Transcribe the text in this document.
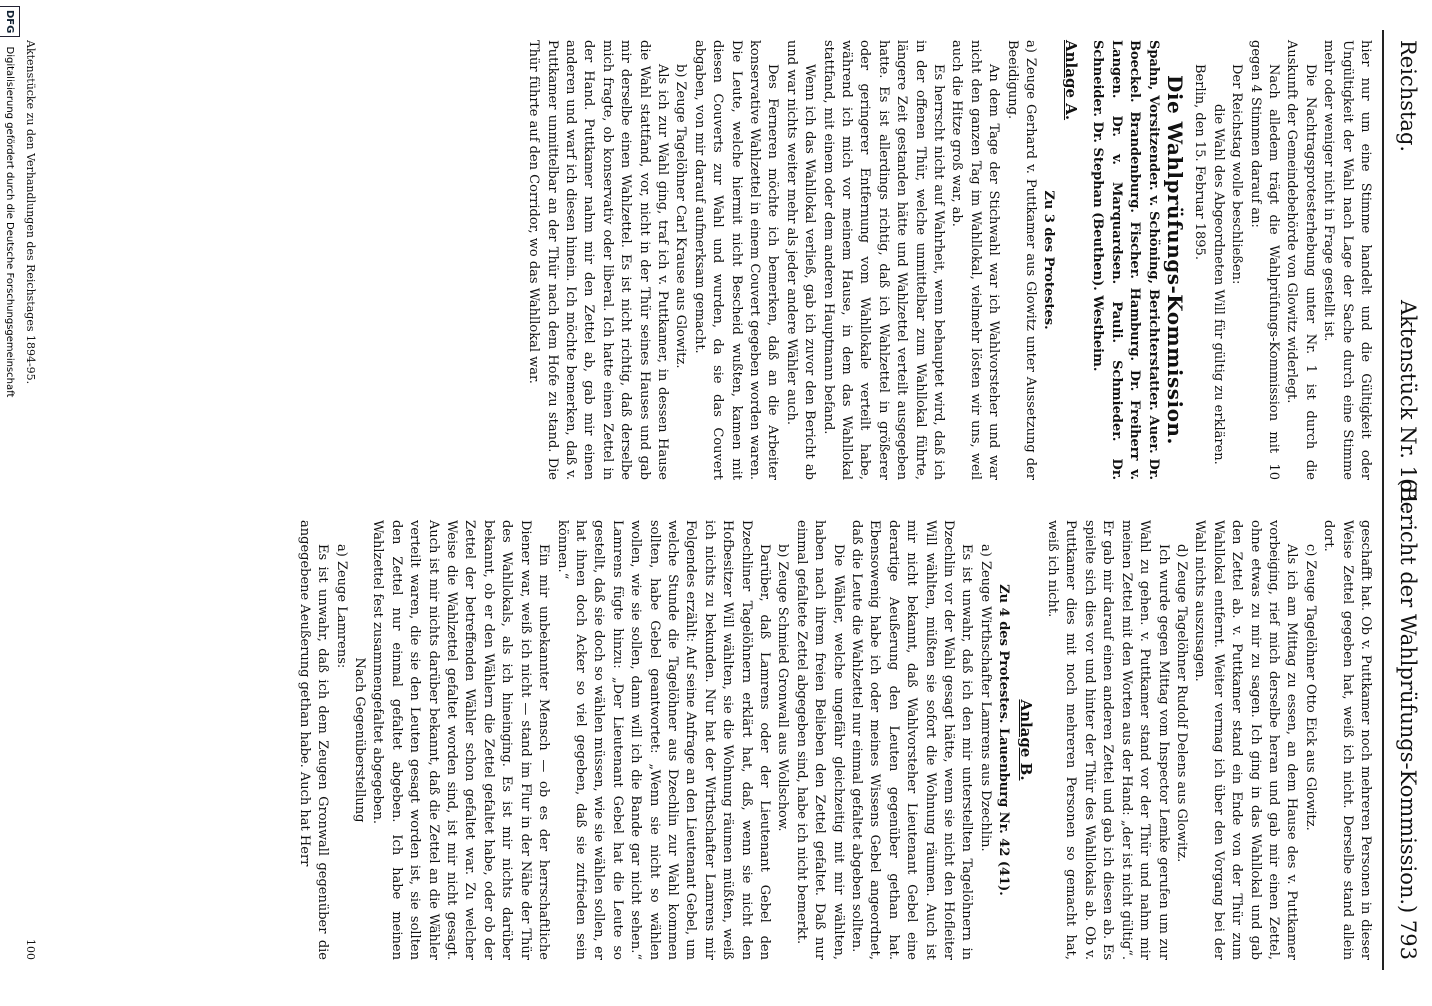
Reichstag.
Aktenstück Nr. 161.
(Bericht der Wahlprüfungs-Kommission.) 793

hier nur um eine Stimme handelt und die Gültigkeit oder Ungültigkeit der Wahl nach Lage der Sache durch eine Stimme mehr oder weniger nicht in Frage gestellt ist.

Die Nachtragsprotesterhebung unter Nr. 1 ist durch die Auskunft der Gemeindebehörde von Glowitz widerlegt.

Nach alledem trägt die Wahlprüfungs-Kommission mit 10 gegen 4 Stimmen darauf an:

Der Reichstag wolle beschließen:

die Wahl des Abgeordneten Will für gültig zu erklären.

Berlin, den 15. Februar 1895.

Die Wahlprüfungs-Kommission.

Spahn, Vorsitzender. v. Schöning, Berichterstatter. Auer. Dr. Boeckel. Brandenburg. Fischer. Hamburg. Dr. Freiherr v. Langen. Dr. v. Marquardsen. Pauli. Schmieder. Dr. Schneider. Dr. Stephan (Beuthen). Westheim.

Anlage A.

Zu 3 des Protestes.

a) Zeuge Gerhard v. Puttkamer aus Glowitz unter Aussetzung der Beeidigung.

An dem Tage der Stichwahl war ich Wahlvorsteher und war nicht den ganzen Tag im Wahllokal, vielmehr lösten wir uns, weil auch die Hitze groß war, ab.

Es herrscht nicht auf Wahrheit, wenn behauptet wird, daß ich in der offenen Thür, welche unmittelbar zum Wahllokal führte, längere Zeit gestanden hätte und Wahlzettel verteilt ausgegeben hatte. Es ist allerdings richtig, daß ich Wahlzettel in größerer oder geringerer Entfernung vom Wahllokale verteilt habe, während ich mich vor meinem Hause, in dem das Wahllokal stattfand, mit einem oder dem anderen Hauptmann befand.

Wenn ich das Wahllokal verließ, gab ich zuvor den Bericht ab und war nichts weiter mehr als jeder andere Wähler auch.

Des Ferneren möchte ich bemerken, daß an die Arbeiter konservative Wahlzettel in einem Couvert gegeben worden waren. Die Leute, welche hiermit nicht Bescheid wußten, kamen mit diesen Couverts zur Wahl und wurden, da sie das Couvert abgaben, von mir darauf aufmerksam gemacht.

b) Zeuge Tagelöhner Carl Krause aus Glowitz.

Als ich zur Wahl ging, traf ich v. Puttkamer, in dessen Hause die Wahl stattfand, vor, nicht in der Thür seines Hauses und gab mir derselbe einen Wahlzettel. Es ist nicht richtig, daß derselbe mich fragte, ob konservativ oder liberal. Ich hatte einen Zettel in der Hand. Puttkamer nahm mir den Zettel ab, gab mir einen anderen und warf ich diesen hinein. Ich möchte bemerken, daß v. Puttkamer unmittelbar an der Thür nach dem Hofe zu stand. Die Thür führte auf den Corridor, wo das Wahllokal war.

geschafft hat. Ob v. Puttkamer noch mehreren Personen in dieser Weise Zettel gegeben hat, weiß ich nicht. Derselbe stand allein dort.

c) Zeuge Tagelöhner Otto Eick aus Glowitz.

Als ich am Mittag zu essen, an dem Hause des v. Puttkamer vorbeiging, rief mich derselbe heran und gab mir einen Zettel, ohne etwas zu mir zu sagen. Ich ging in das Wahllokal und gab den Zettel ab. v. Puttkamer stand ein Ende von der Thür zum Wahllokal entfernt. Weiter vermag ich über den Vorgang bei der Wahl nichts auszusagen.

d) Zeuge Tagelöhner Rudolf Delens aus Glowitz.

Ich wurde gegen Mittag vom Inspector Lemke gerufen um zur Wahl zu gehen. v. Puttkamer stand vor der Thür und nahm mir meinen Zettel mit den Worten aus der Hand: „der ist nicht gültig“. Er gab mir darauf einen anderen Zettel und gab ich diesen ab. Es spielte sich dies vor und hinter der Thür des Wahllokals ab. Ob v. Puttkamer dies mit noch mehreren Personen so gemacht hat, weiß ich nicht.

Anlage B.

Zu 4 des Protestes. Lauenburg Nr. 42 (41).

a) Zeuge Wirthschafter Lamrens aus Dzechlin.

Es ist unwahr, daß ich den mir unterstellten Tagelöhnern in Dzechlin vor der Wahl gesagt hätte, wenn sie nicht den Hofleiter Will wählten, müßten sie sofort die Wohnung räumen. Auch ist mir nicht bekannt, daß Wahlvorsteher Lieutenant Gebel eine derartige Aeußerung den Leuten gegenüber gethan hat. Ebensowenig habe ich oder meines Wissens Gebel angeordnet, daß die Leute die Wahlzettel nur einmal gefaltet abgeben sollten.

Die Wähler, welche ungefähr gleichzeitig mit mir wählten, haben nach ihrem freien Belieben den Zettel gefaltet. Daß nur einmal gefaltete Zettel abgegeben sind, habe ich nicht bemerkt.

b) Zeuge Schmied Gronwall aus Wollschow.

Darüber, daß Lamrens oder der Lieutenant Gebel den Dzechliner Tagelöhnern erklärt hat, daß, wenn sie nicht den Hofbesitzer Will wählten, sie die Wohnung räumen müßten, weiß ich nichts zu bekunden. Nur hat der Wirthschafter Lamrens mir Folgendes erzählt: Auf seine Anfrage an den Lieutenant Gebel, um welche Stunde die Tagelöhner aus Dzechlin zur Wahl kommen sollten, habe Gebel geantwortet: „Wenn sie nicht so wählen wollen, wie sie sollen, dann will ich die Bande gar nicht sehen.“ Lamrens fügte hinzu: „Der Lieutenant Gebel hat die Leute so gestellt, daß sie doch so wählen müssen, wie sie wählen sollen, er hat ihnen doch Acker so viel gegeben, daß sie zufrieden sein können.“

Ein mir unbekannter Mensch — ob es der herrschaftliche Diener war, weiß ich nicht — stand im Flur in der Nähe der Thür des Wahllokals, als ich hineinging. Es ist mir nichts darüber bekannt, ob er den Wählern die Zettel gefaltet habe, oder ob der Zettel der betreffenden Wähler schon gefaltet war. Zu welcher Weise die Wahlzettel gefaltet worden sind, ist mir nicht gesagt. Auch ist mir nichts darüber bekannt, daß die Zettel an die Wähler verteilt waren, die sie den Leuten gesagt worden ist, sie sollten den Zettel nur einmal gefaltet abgeben. Ich habe meinen Wahlzettel fest zusammengefaltet abgegeben.

Nach Gegenüberstellung

a) Zeuge Lamrens:

Es ist unwahr, daß ich dem Zeugen Gronwall gegenüber die angegebene Aeußerung gethan habe. Auch hat Herr

Aktenstücke zu den Verhandlungen des Reichstages 1894-95.
100
DFG Digitalisierung gefördert durch die Deutsche Forschungsgemeinschaft
